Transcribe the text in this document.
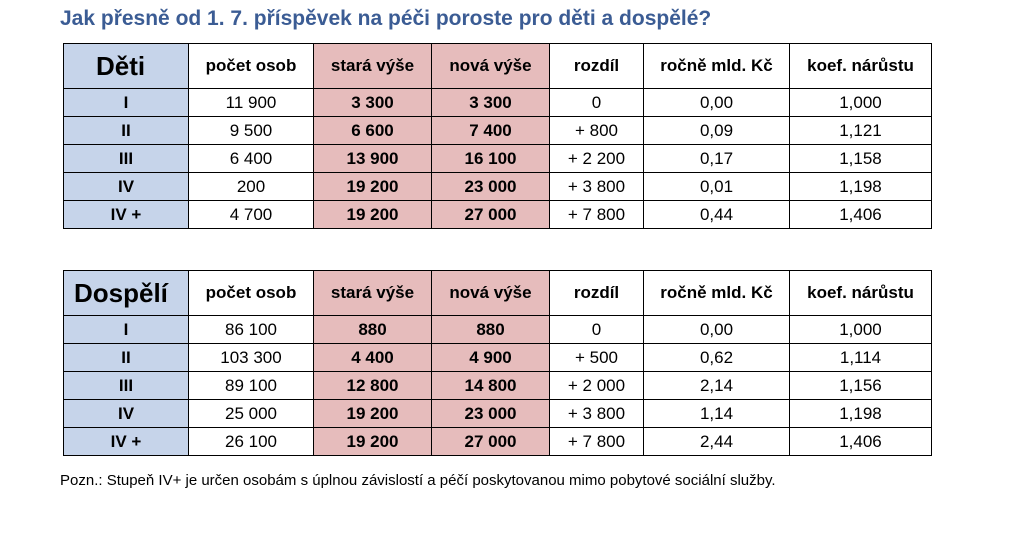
Jak přesně od 1. 7. příspěvek na péči poroste pro děti a dospělé?
Děti	počet osob	stará výše	nová výše	rozdíl	ročně mld. Kč	koef. nárůstu
I	11 900	3 300	3 300	0	0,00	1,000
II	9 500	6 600	7 400	+ 800	0,09	1,121
III	6 400	13 900	16 100	+ 2 200	0,17	1,158
IV	200	19 200	23 000	+ 3 800	0,01	1,198
IV +	4 700	19 200	27 000	+ 7 800	0,44	1,406
Dospělí	počet osob	stará výše	nová výše	rozdíl	ročně mld. Kč	koef. nárůstu
I	86 100	880	880	0	0,00	1,000
II	103 300	4 400	4 900	+ 500	0,62	1,114
III	89 100	12 800	14 800	+ 2 000	2,14	1,156
IV	25 000	19 200	23 000	+ 3 800	1,14	1,198
IV +	26 100	19 200	27 000	+ 7 800	2,44	1,406
Pozn.: Stupeň IV+ je určen osobám s úplnou závislostí a péčí poskytovanou mimo pobytové sociální služby.
